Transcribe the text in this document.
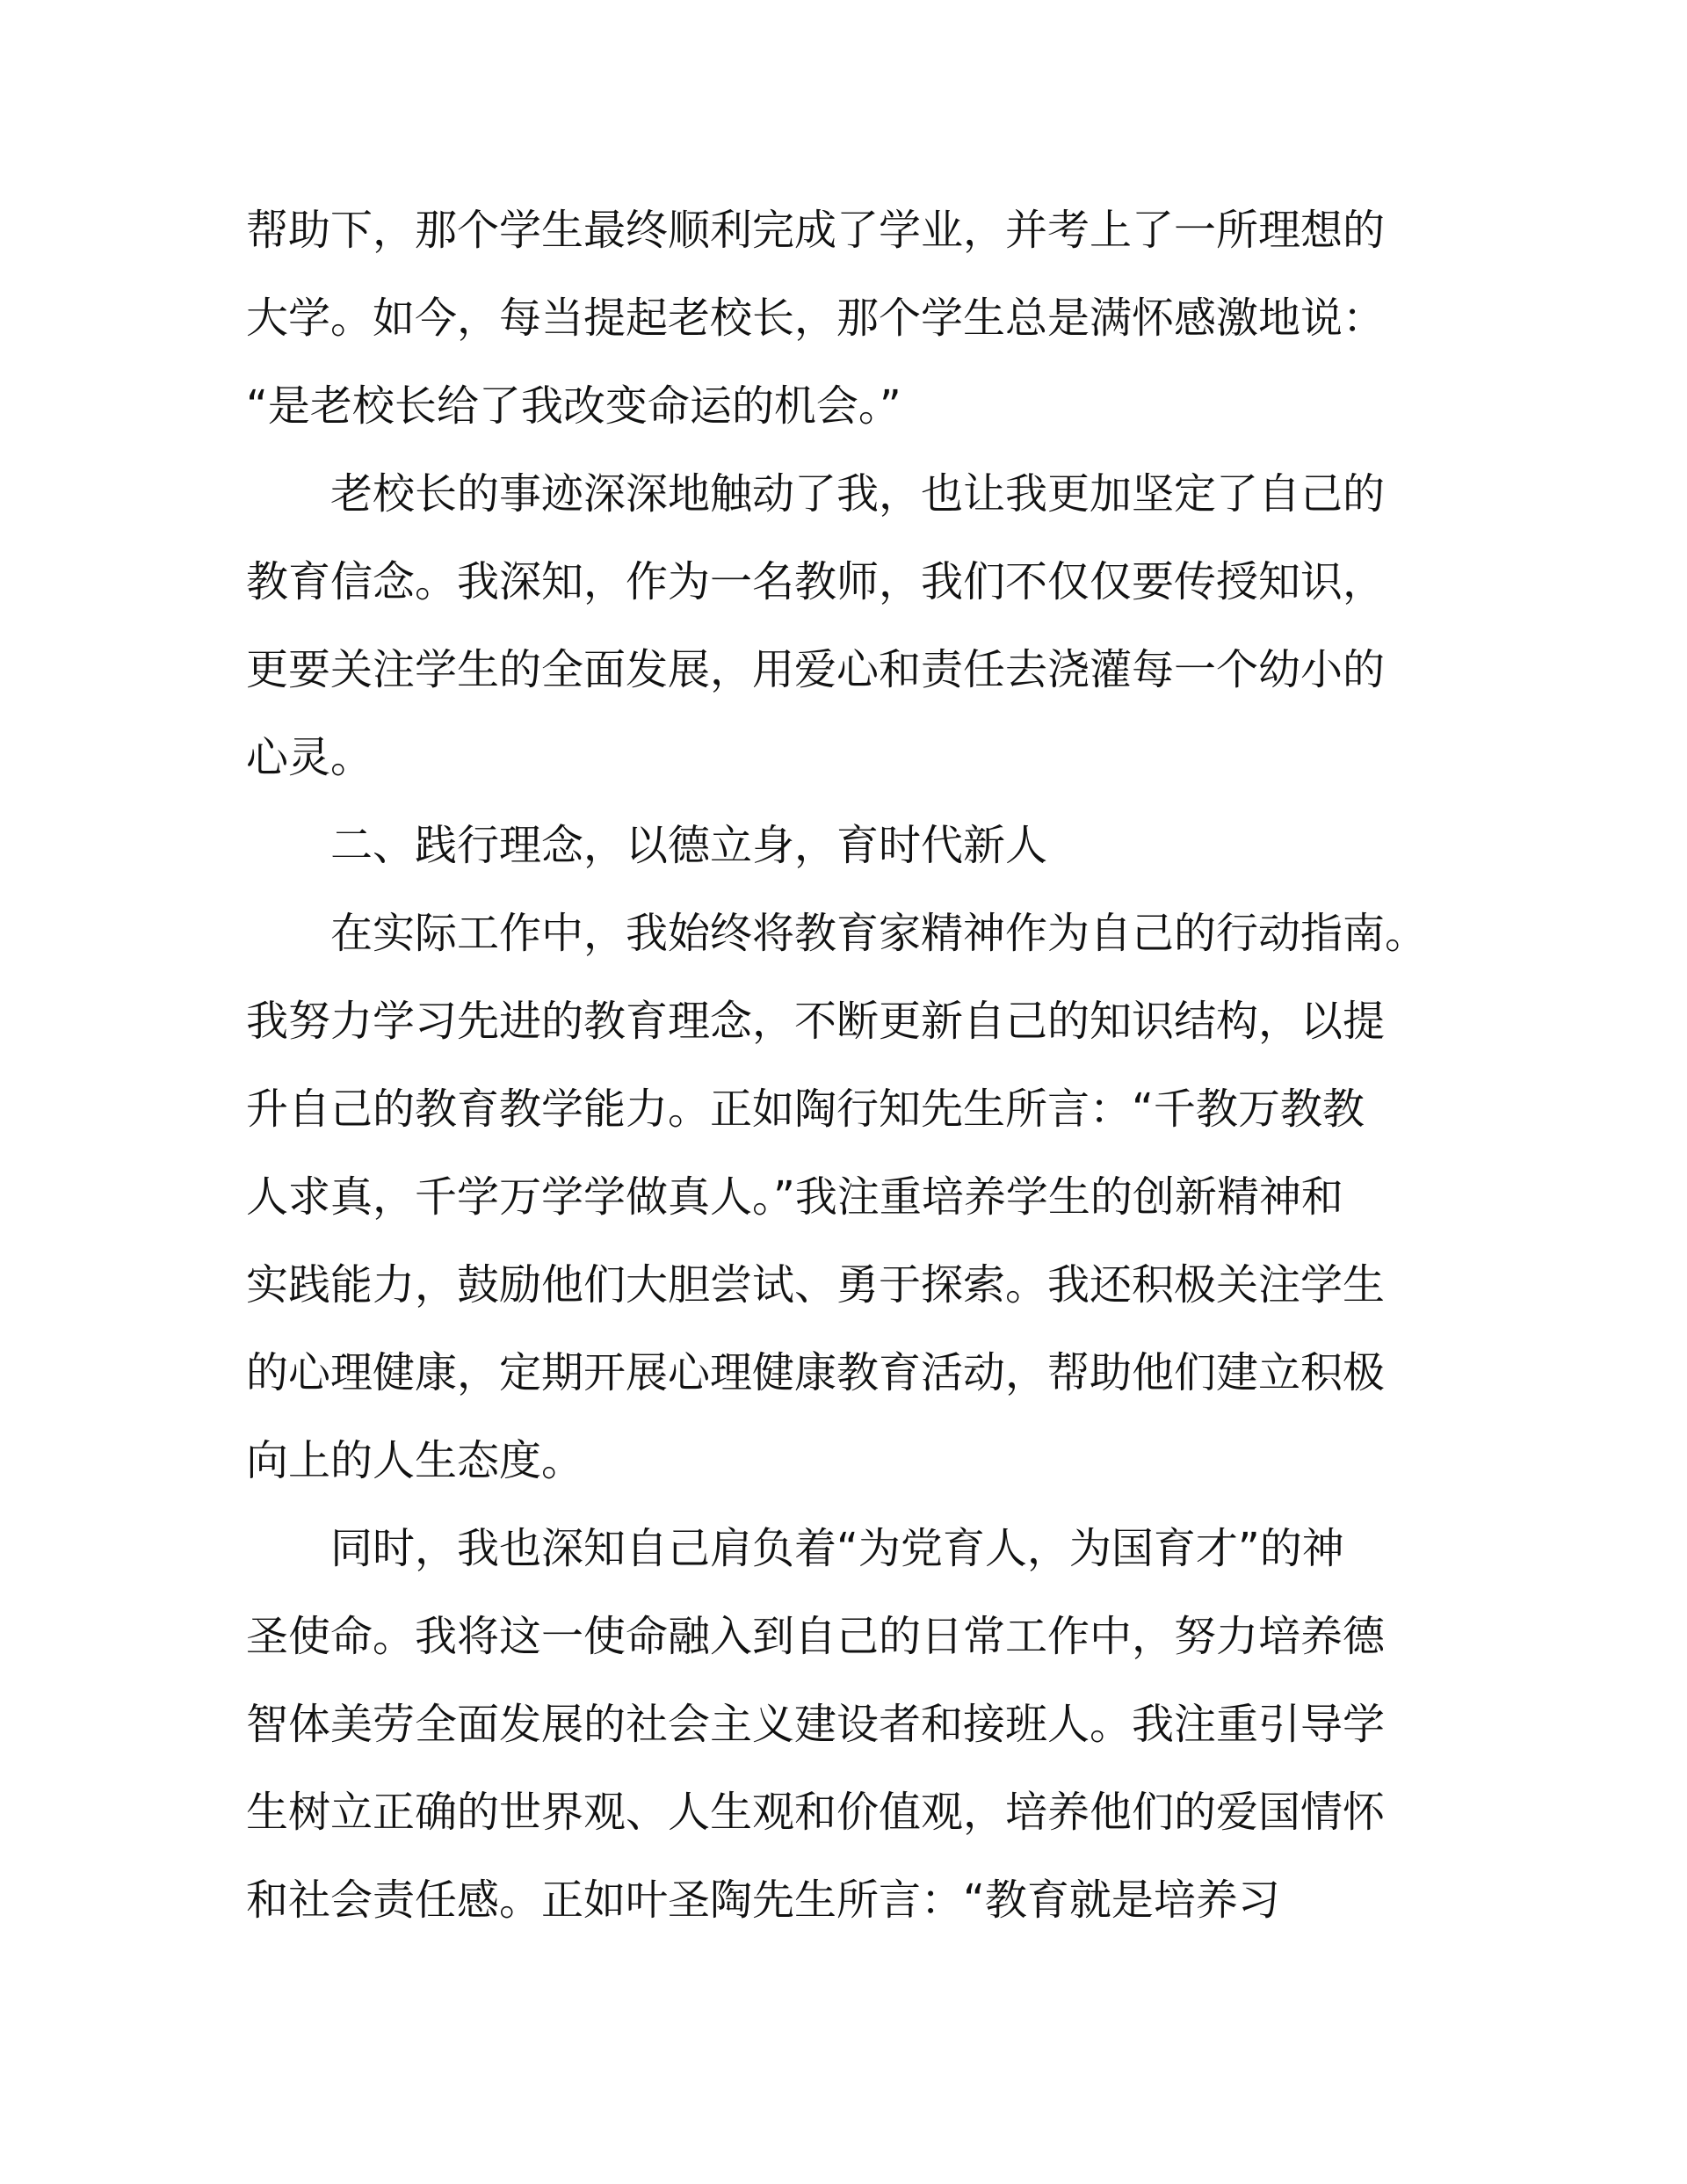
帮助下，那个学生最终顺利完成了学业，并考上了一所理想的
大学。如今，每当提起老校长，那个学生总是满怀感激地说：
“是老校长给了我改变命运的机会。”
老校长的事迹深深地触动了我，也让我更加坚定了自己的
教育信念。我深知，作为一名教师，我们不仅仅要传授知识，
更要关注学生的全面发展，用爱心和责任去浇灌每一个幼小的
心灵。
二、践行理念，以德立身，育时代新人
在实际工作中，我始终将教育家精神作为自己的行动指南。
我努力学习先进的教育理念，不断更新自己的知识结构，以提
升自己的教育教学能力。正如陶行知先生所言：“千教万教教
人求真，千学万学学做真人。”我注重培养学生的创新精神和
实践能力，鼓励他们大胆尝试、勇于探索。我还积极关注学生
的心理健康，定期开展心理健康教育活动，帮助他们建立积极
向上的人生态度。
同时，我也深知自己肩负着“为党育人，为国育才”的神
圣使命。我将这一使命融入到自己的日常工作中，努力培养德
智体美劳全面发展的社会主义建设者和接班人。我注重引导学
生树立正确的世界观、人生观和价值观，培养他们的爱国情怀
和社会责任感。正如叶圣陶先生所言：“教育就是培养习
